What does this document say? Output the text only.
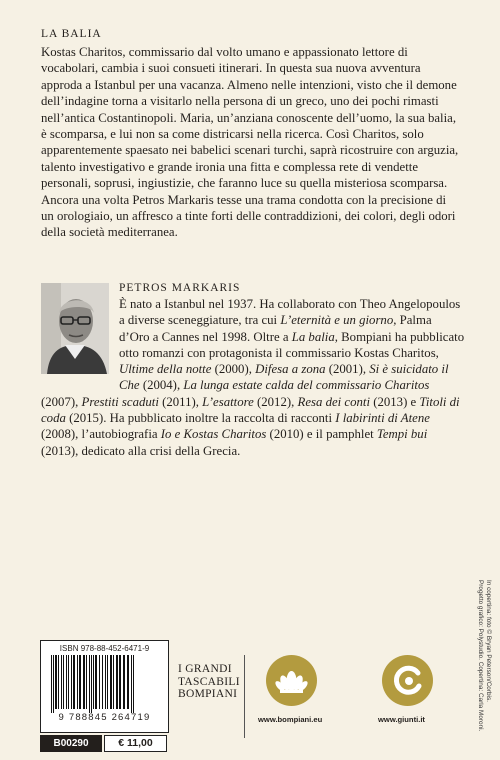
LA BALIA

Kostas Charitos, commissario dal volto umano e appassionato lettore di vocabolari, cambia i suoi consueti itinerari. In questa sua nuova avventura approda a Istanbul per una vacanza. Almeno nelle intenzioni, visto che il demone dell’indagine torna a visitarlo nella persona di un greco, uno dei pochi rimasti nell’antica Costantinopoli. Maria, un’anziana conoscente dell’uomo, la sua balia, è scomparsa, e lui non sa come districarsi nella ricerca. Così Charitos, solo apparentemente spaesato nei babelici scenari turchi, saprà ricostruire con arguzia, talento investigativo e grande ironia una fitta e complessa rete di vendette personali, soprusi, ingiustizie, che faranno luce su quella misteriosa scomparsa. Ancora una volta Petros Markaris tesse una trama condotta con la precisione di un orologiaio, un affresco a tinte forti delle contraddizioni, dei colori, degli odori della società mediterranea.

PETROS MARKARIS

È nato a Istanbul nel 1937. Ha collaborato con Theo Angelopoulos a diverse sceneggiature, tra cui L’eternità e un giorno, Palma d’Oro a Cannes nel 1998. Oltre a La balia, Bompiani ha pubblicato otto romanzi con protagonista il commissario Kostas Charitos, Ultime della notte (2000), Difesa a zona (2001), Si è suicidato il Che (2004), La lunga estate calda del commissario Charitos (2007), Prestiti scaduti (2011), L’esattore (2012), Resa dei conti (2013) e Titoli di coda (2015). Ha pubblicato inoltre la raccolta di racconti I labirinti di Atene (2008), l’autobiografia Io e Kostas Charitos (2010) e il pamphlet Tempi bui (2013), dedicato alla crisi della Grecia.

In copertina: foto © Bryan Peterson/Corbis.
Progetto grafico: Polystudio. Copertina: Carla Moroni.
ISBN 978-88-452-6471-9
9 788845 264719
B00290	€ 11,00
I GRANDI
TASCABILI
BOMPIANI
www.bompiani.eu	www.giunti.it
